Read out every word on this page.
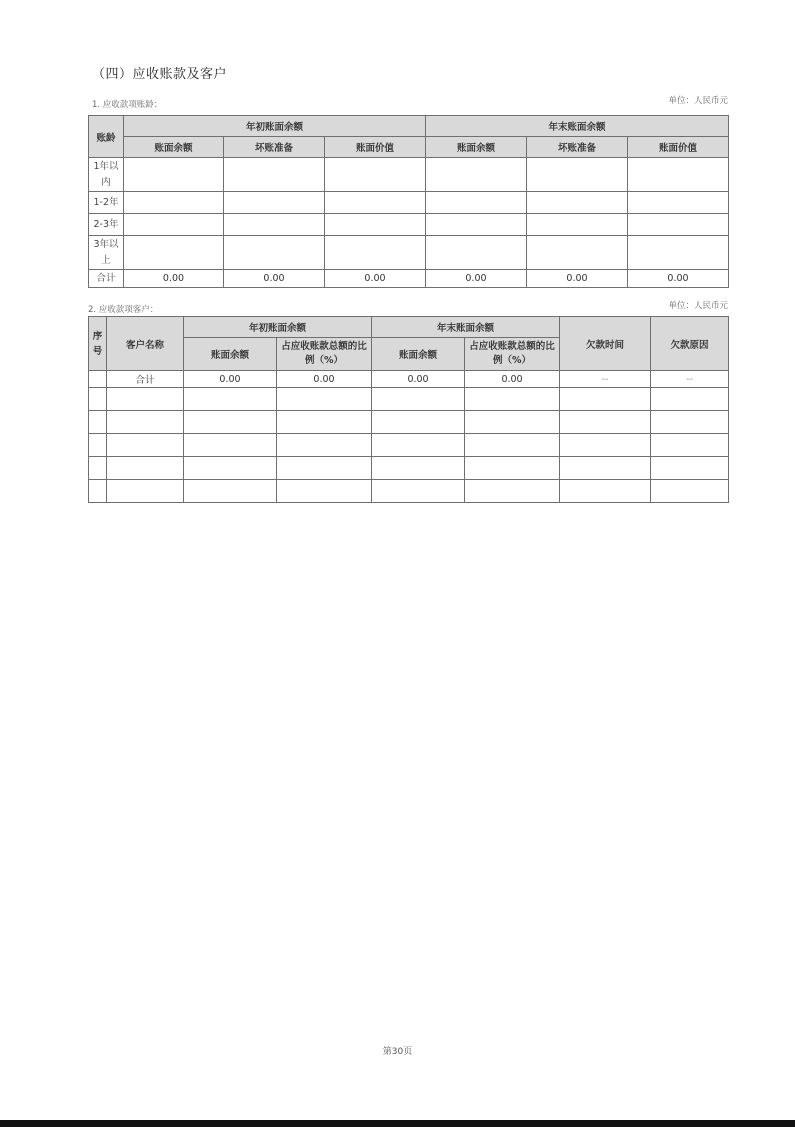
（四）应收账款及客户
1. 应收款项账龄：	单位：人民币元
账龄	年初账面余额			年末账面余额		
	账面余额	坏账准备	账面价值	账面余额	坏账准备	账面价值
1年以内						
1-2年						
2-3年						
3年以上						
合计	0.00	0.00	0.00	0.00	0.00	0.00
2. 应收款项客户：	单位：人民币元
序号	客户名称	年初账面余额		年末账面余额		欠款时间	欠款原因
		账面余额	占应收账款总额的比例（%）	账面余额	占应收账款总额的比例（%）		
	合计	0.00	0.00	0.00	0.00	--	--

第30页
